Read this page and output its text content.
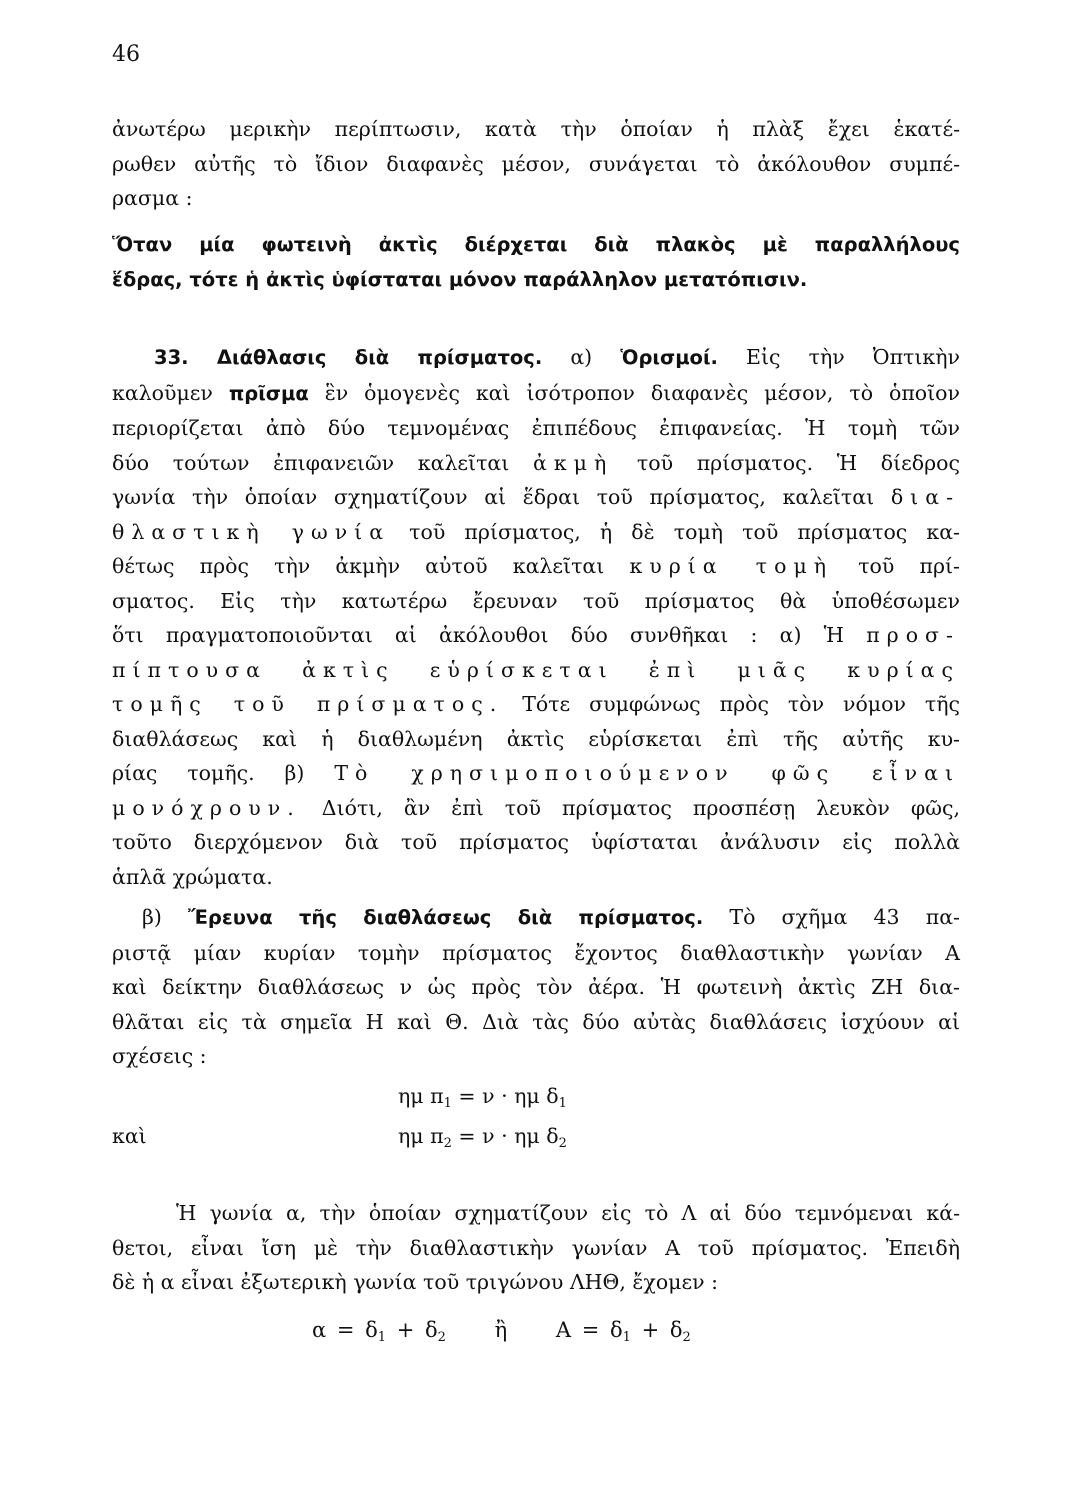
46
ἀνωτέρω μερικὴν περίπτωσιν, κατὰ τὴν ὁποίαν ἡ πλὰξ ἔχει ἑκατέ-
ρωθεν αὐτῆς τὸ ἴδιον διαφανὲς μέσον, συνάγεται τὸ ἀκόλουθον συμπέ-
ρασμα :
Ὅταν μία φωτεινὴ ἀκτὶς διέρχεται διὰ πλακὸς μὲ παραλλήλους
ἕδρας, τότε ἡ ἀκτὶς ὑφίσταται μόνον παράλληλον μετατόπισιν.
33. Διάθλασις διὰ πρίσματος. α) Ὁρισμοί. Εἰς τὴν Ὀπτικὴν
καλοῦμεν πρῖσμα ἓν ὁμογενὲς καὶ ἰσότροπον διαφανὲς μέσον, τὸ ὁποῖον
περιορίζεται ἀπὸ δύο τεμνομένας ἐπιπέδους ἐπιφανείας. Ἡ τομὴ τῶν
δύο τούτων ἐπιφανειῶν καλεῖται ἀκμὴ τοῦ πρίσματος. Ἡ δίεδρος
γωνία τὴν ὁποίαν σχηματίζουν αἱ ἕδραι τοῦ πρίσματος, καλεῖται δια-
θλαστικὴ γωνία τοῦ πρίσματος, ἡ δὲ τομὴ τοῦ πρίσματος κα-
θέτως πρὸς τὴν ἀκμὴν αὐτοῦ καλεῖται κυρία τομὴ τοῦ πρί-
σματος. Εἰς τὴν κατωτέρω ἔρευναν τοῦ πρίσματος θὰ ὑποθέσωμεν
ὅτι πραγματοποιοῦνται αἱ ἀκόλουθοι δύο συνθῆκαι : α) Ἡ προσ-
πίπτουσα ἀκτὶς εὑρίσκεται ἐπὶ μιᾶς κυρίας
τομῆς τοῦ πρίσματος. Τότε συμφώνως πρὸς τὸν νόμον τῆς
διαθλάσεως καὶ ἡ διαθλωμένη ἀκτὶς εὑρίσκεται ἐπὶ τῆς αὐτῆς κυ-
ρίας τομῆς. β) Τὸ χρησιμοποιούμενον φῶς εἶναι
μονόχρουν. Διότι, ἂν ἐπὶ τοῦ πρίσματος προσπέσῃ λευκὸν φῶς,
τοῦτο διερχόμενον διὰ τοῦ πρίσματος ὑφίσταται ἀνάλυσιν εἰς πολλὰ
ἁπλᾶ χρώματα.
β) Ἔρευνα τῆς διαθλάσεως διὰ πρίσματος. Τὸ σχῆμα 43 πα-
ριστᾷ μίαν κυρίαν τομὴν πρίσματος ἔχοντος διαθλαστικὴν γωνίαν Α
καὶ δείκτην διαθλάσεως ν ὡς πρὸς τὸν ἀέρα. Ἡ φωτεινὴ ἀκτὶς ΖΗ δια-
θλᾶται εἰς τὰ σημεῖα Η καὶ Θ. Διὰ τὰς δύο αὐτὰς διαθλάσεις ἰσχύουν αἱ
σχέσεις :
ημ $\pi_1 = \nu \cdot \eta\mu$ $\delta_1$
καὶ	ημ $\pi_2 = \nu \cdot \eta\mu$ $\delta_2$
Ἡ γωνία α, τὴν ὁποίαν σχηματίζουν εἰς τὸ Λ αἱ δύο τεμνόμεναι κά-
θετοι, εἶναι ἴση μὲ τὴν διαθλαστικὴν γωνίαν Α τοῦ πρίσματος. Ἐπειδὴ
δὲ ἡ α εἶναι ἐξωτερικὴ γωνία τοῦ τριγώνου ΛΗΘ, ἔχομεν :
$\alpha = \delta_1 + \delta_2$ ἢ $A = \delta_1 + \delta_2$
